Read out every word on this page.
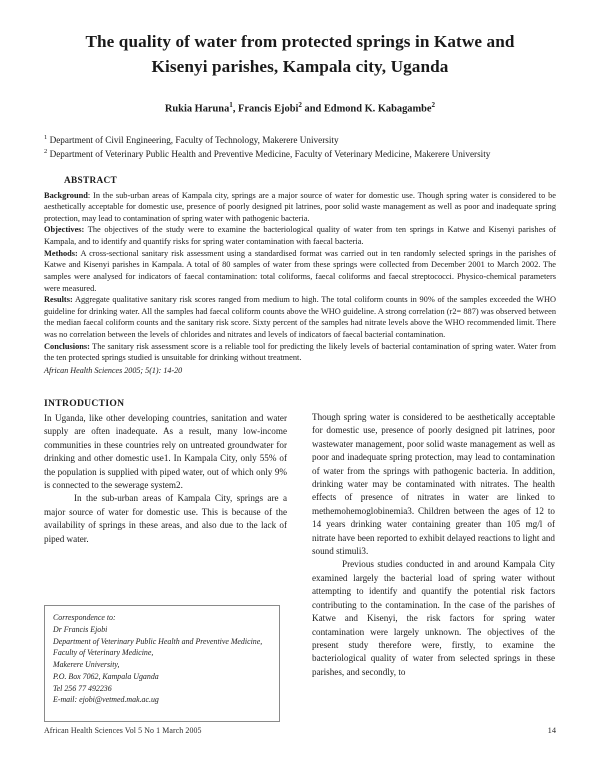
The quality of water from protected springs in Katwe and Kisenyi parishes, Kampala city, Uganda
Rukia Haruna$^1$, Francis Ejobi$^2$ and Edmond K. Kabagambe$^2$
$^1$ Department of Civil Engineering, Faculty of Technology, Makerere University
$^2$ Department of Veterinary Public Health and Preventive Medicine, Faculty of Veterinary Medicine, Makerere University
ABSTRACT

Background: In the sub-urban areas of Kampala city, springs are a major source of water for domestic use. Though spring water is considered to be aesthetically acceptable for domestic use, presence of poorly designed pit latrines, poor solid waste management as well as poor and inadequate spring protection, may lead to contamination of spring water with pathogenic bacteria.

Objectives: The objectives of the study were to examine the bacteriological quality of water from ten springs in Katwe and Kisenyi parishes of Kampala, and to identify and quantify risks for spring water contamination with faecal bacteria.

Methods: A cross-sectional sanitary risk assessment using a standardised format was carried out in ten randomly selected springs in the parishes of Katwe and Kisenyi parishes in Kampala. A total of 80 samples of water from these springs were collected from December 2001 to March 2002. The samples were analysed for indicators of faecal contamination: total coliforms, faecal coliforms and faecal streptococci. Physico-chemical parameters were measured.

Results: Aggregate qualitative sanitary risk scores ranged from medium to high. The total coliform counts in 90% of the samples exceeded the WHO guideline for drinking water. All the samples had faecal coliform counts above the WHO guideline. A strong correlation (r2= 887) was observed between the median faecal coliform counts and the sanitary risk score. Sixty percent of the samples had nitrate levels above the WHO recommended limit. There was no correlation between the levels of chlorides and nitrates and levels of indicators of faecal bacterial contamination.

Conclusions: The sanitary risk assessment score is a reliable tool for predicting the likely levels of bacterial contamination of spring water. Water from the ten protected springs studied is unsuitable for drinking without treatment.

African Health Sciences 2005; 5(1): 14-20
INTRODUCTION

In Uganda, like other developing countries, sanitation and water supply are often inadequate. As a result, many low-income communities in these countries rely on untreated groundwater for drinking and other domestic use1. In Kampala City, only 55% of the population is supplied with piped water, out of which only 9% is connected to the sewerage system2.

In the sub-urban areas of Kampala City, springs are a major source of water for domestic use. This is because of the availability of springs in these areas, and also due to the lack of piped water.

Though spring water is considered to be aesthetically acceptable for domestic use, presence of poorly designed pit latrines, poor wastewater management, poor solid waste management as well as poor and inadequate spring protection, may lead to contamination of water from the springs with pathogenic bacteria. In addition, drinking water may be contaminated with nitrates. The health effects of presence of nitrates in water are linked to methemohemoglobinemia3. Children between the ages of 12 to 14 years drinking water containing greater than 105 mg/l of nitrate have been reported to exhibit delayed reactions to light and sound stimuli3.

Previous studies conducted in and around Kampala City examined largely the bacterial load of spring water without attempting to identify and quantify the potential risk factors contributing to the contamination. In the case of the parishes of Katwe and Kisenyi, the risk factors for spring water contamination were largely unknown. The objectives of the present study therefore were, firstly, to examine the bacteriological quality of water from selected springs in these parishes, and secondly, to

Correspondence to:
Dr Francis Ejobi
Department of Veterinary Public Health and Preventive Medicine,
Faculty of Veterinary Medicine,
Makerere University,
P.O. Box 7062, Kampala Uganda
Tel 256 77 492236
E-mail: ejobi@vetmed.mak.ac.ug
African Health Sciences Vol 5 No 1 March 2005	14
